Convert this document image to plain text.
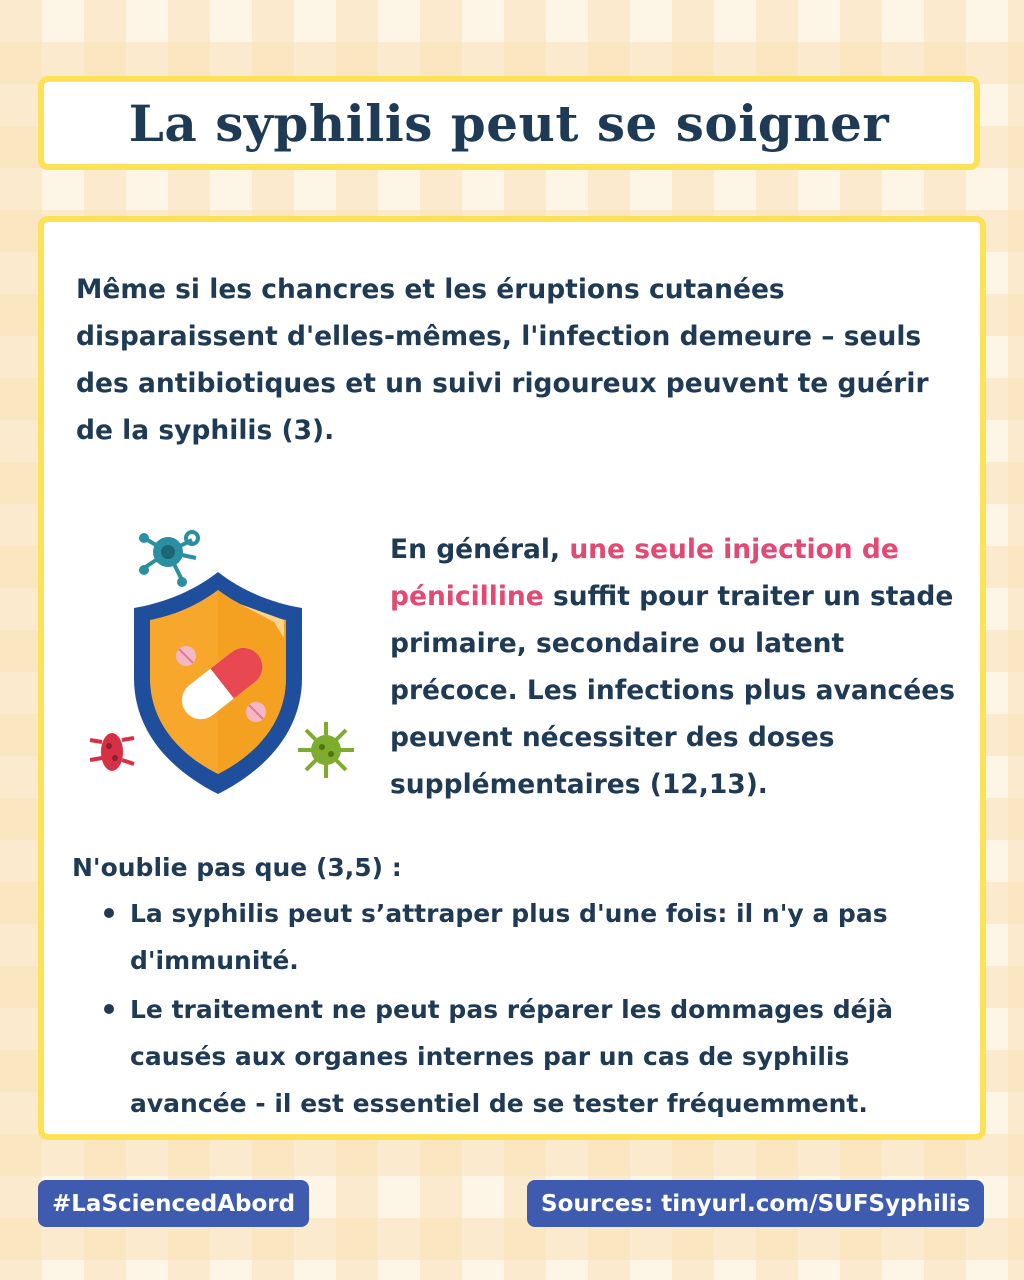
La syphilis peut se soigner

Même si les chancres et les éruptions cutanées disparaissent d'elles-mêmes, l'infection demeure – seuls des antibiotiques et un suivi rigoureux peuvent te guérir de la syphilis (3).

En général, une seule injection de pénicilline suffit pour traiter un stade primaire, secondaire ou latent précoce. Les infections plus avancées peuvent nécessiter des doses supplémentaires (12,13).

N'oublie pas que (3,5) :

La syphilis peut s’attraper plus d'une fois: il n'y a pas d'immunité.
Le traitement ne peut pas réparer les dommages déjà causés aux organes internes par un cas de syphilis avancée - il est essentiel de se tester fréquemment.
#LaSciencedAbord	Sources: tinyurl.com/SUFSyphilis
